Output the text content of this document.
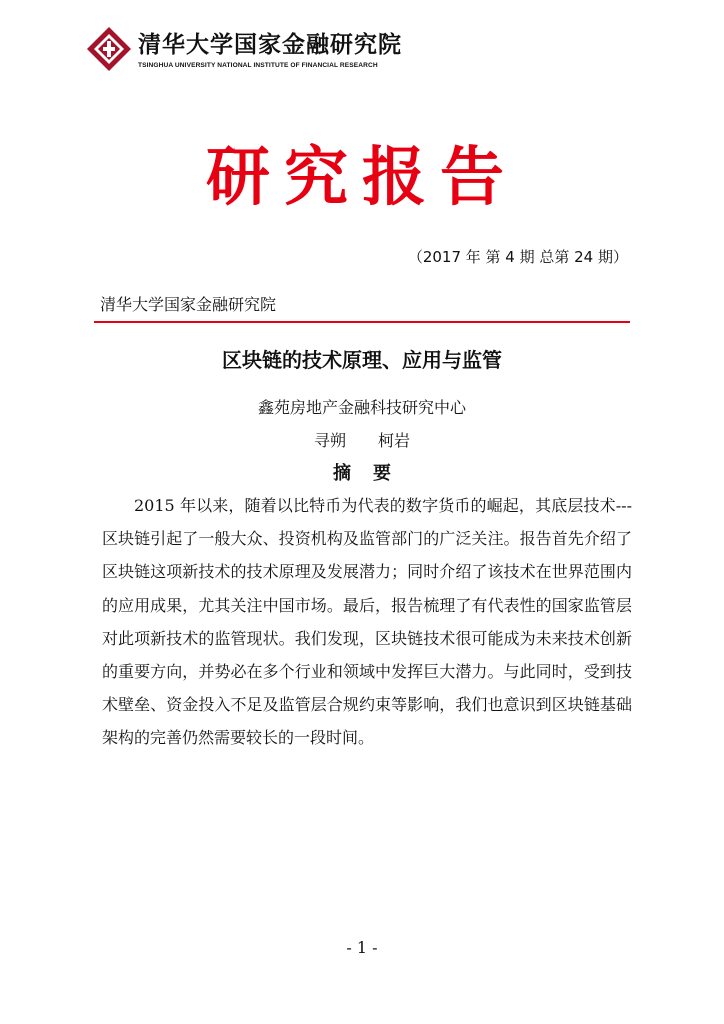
清华大学国家金融研究院
TSINGHUA UNIVERSITY NATIONAL INSTITUTE OF FINANCIAL RESEARCH
研究报告
（2017 年 第 4 期 总第 24 期）
清华大学国家金融研究院
区块链的技术原理、应用与监管
鑫苑房地产金融科技研究中心
寻朔 柯岩
摘要

2015 年以来，随着以比特币为代表的数字货币的崛起，其底层技术---区块链引起了一般大众、投资机构及监管部门的广泛关注。报告首先介绍了区块链这项新技术的技术原理及发展潜力；同时介绍了该技术在世界范围内的应用成果，尤其关注中国市场。最后，报告梳理了有代表性的国家监管层对此项新技术的监管现状。我们发现，区块链技术很可能成为未来技术创新的重要方向，并势必在多个行业和领域中发挥巨大潜力。与此同时，受到技术壁垒、资金投入不足及监管层合规约束等影响，我们也意识到区块链基础架构的完善仍然需要较长的一段时间。

- 1 -
